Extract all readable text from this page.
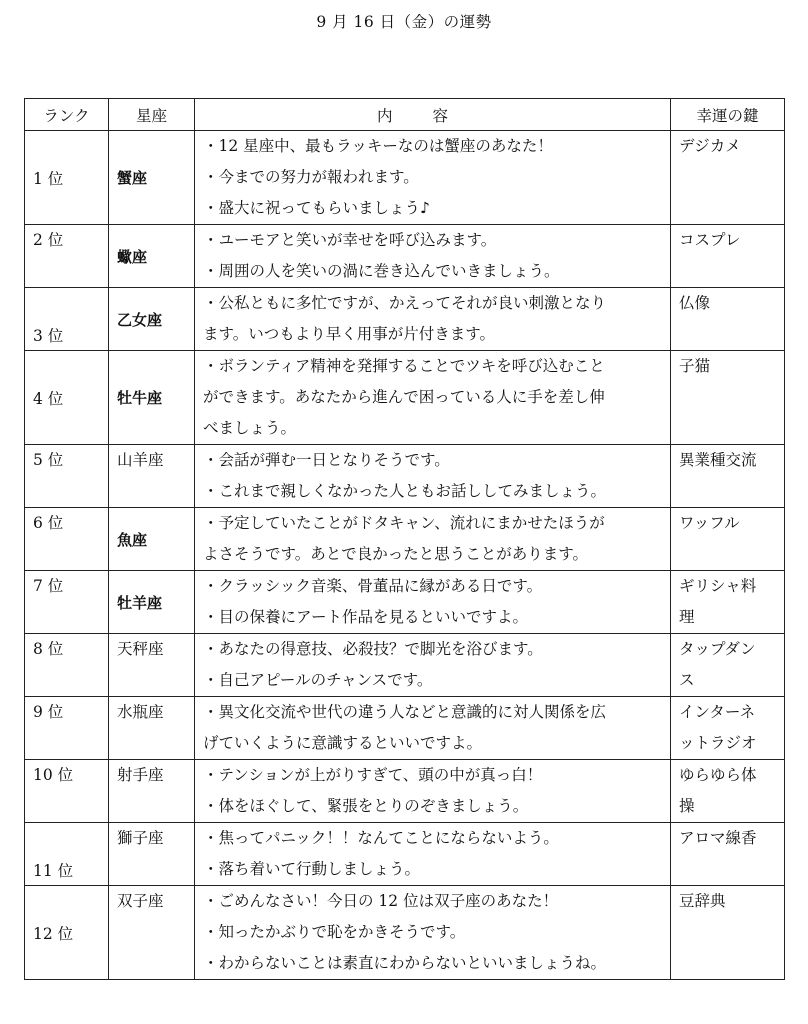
9 月 16 日（金）の運勢
ランク	星座	内容	幸運の鍵
1 位	蟹座	・12 星座中、最もラッキーなのは蟹座のあなた！
・今までの努力が報われます。
・盛大に祝ってもらいましょう♪	デジカメ

2 位	蠍座	・ユーモアと笑いが幸せを呼び込みます。
・周囲の人を笑いの渦に巻き込んでいきましょう。	コスプレ

3 位	乙女座	・公私ともに多忙ですが、かえってそれが良い刺激となり
ます。いつもより早く用事が片付きます。	仏像

4 位	牡牛座	・ボランティア精神を発揮することでツキを呼び込むこと
ができます。あなたから進んで困っている人に手を差し伸
べましょう。	子猫

5 位	山羊座	・会話が弾む一日となりそうです。
・これまで親しくなかった人ともお話ししてみましょう。	異業種交流

6 位	魚座	・予定していたことがドタキャン、流れにまかせたほうが
よさそうです。あとで良かったと思うことがあります。	ワッフル

7 位	牡羊座	・クラッシック音楽、骨董品に縁がある日です。
・目の保養にアート作品を見るといいですよ。	ギリシャ料
理

8 位	天秤座	・あなたの得意技、必殺技？で脚光を浴びます。
・自己アピールのチャンスです。	タップダン
ス

9 位	水瓶座	・異文化交流や世代の違う人などと意識的に対人関係を広
げていくように意識するといいですよ。	インターネ
ットラジオ

10 位	射手座	・テンションが上がりすぎて、頭の中が真っ白！
・体をほぐして、緊張をとりのぞきましょう。	ゆらゆら体
操

11 位	獅子座	・焦ってパニック！！なんてことにならないよう。
・落ち着いて行動しましょう。	アロマ線香

12 位	双子座	・ごめんなさい！今日の 12 位は双子座のあなた！
・知ったかぶりで恥をかきそうです。
・わからないことは素直にわからないといいましょうね。	豆辞典
